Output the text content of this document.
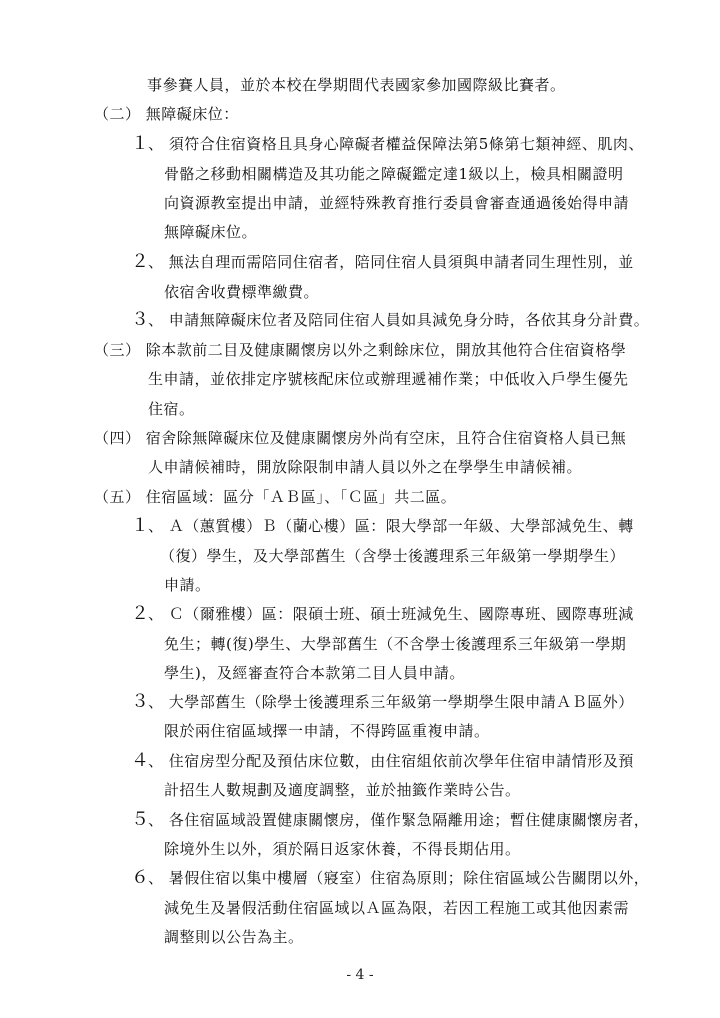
事參賽人員，並於本校在學期間代表國家參加國際級比賽者。

（二） 無障礙床位：

１ 、 須符合住宿資格且具身心障礙者權益保障法第5條第七類神經、肌肉、

骨骼之移動相關構造及其功能之障礙鑑定達1級以上，檢具相關證明

向資源教室提出申請，並經特殊教育推行委員會審查通過後始得申請

無障礙床位。

２ 、 無法自理而需陪同住宿者，陪同住宿人員須與申請者同生理性別，並

依宿舍收費標準繳費。

３ 、 申請無障礙床位者及陪同住宿人員如具減免身分時，各依其身分計費。

（三） 除本款前二目及健康關懷房以外之剩餘床位，開放其他符合住宿資格學

生申請，並依排定序號核配床位或辦理遞補作業；中低收入戶學生優先

住宿。

（四） 宿舍除無障礙床位及健康關懷房外尚有空床，且符合住宿資格人員已無

人申請候補時，開放除限制申請人員以外之在學學生申請候補。

（五） 住宿區域：區分「ＡＢ區」、「Ｃ區」共二區。

１ 、 Ａ（蕙質樓）Ｂ（蘭心樓）區：限大學部一年級、大學部減免生、轉

（復）學生，及大學部舊生（含學士後護理系三年級第一學期學生）

申請。

２ 、 Ｃ（爾雅樓）區：限碩士班、碩士班減免生、國際專班、國際專班減

免生；轉(復)學生、大學部舊生（不含學士後護理系三年級第一學期

學生)，及經審查符合本款第二目人員申請。

３ 、 大學部舊生（除學士後護理系三年級第一學期學生限申請ＡＢ區外）

限於兩住宿區域擇一申請，不得跨區重複申請。

４ 、 住宿房型分配及預估床位數，由住宿組依前次學年住宿申請情形及預

計招生人數規劃及適度調整，並於抽籤作業時公告。

５ 、 各住宿區域設置健康關懷房，僅作緊急隔離用途；暫住健康關懷房者，

除境外生以外，須於隔日返家休養，不得長期佔用。

６ 、 暑假住宿以集中樓層（寢室）住宿為原則；除住宿區域公告關閉以外，

減免生及暑假活動住宿區域以Ａ區為限，若因工程施工或其他因素需

調整則以公告為主。

- 4 -
